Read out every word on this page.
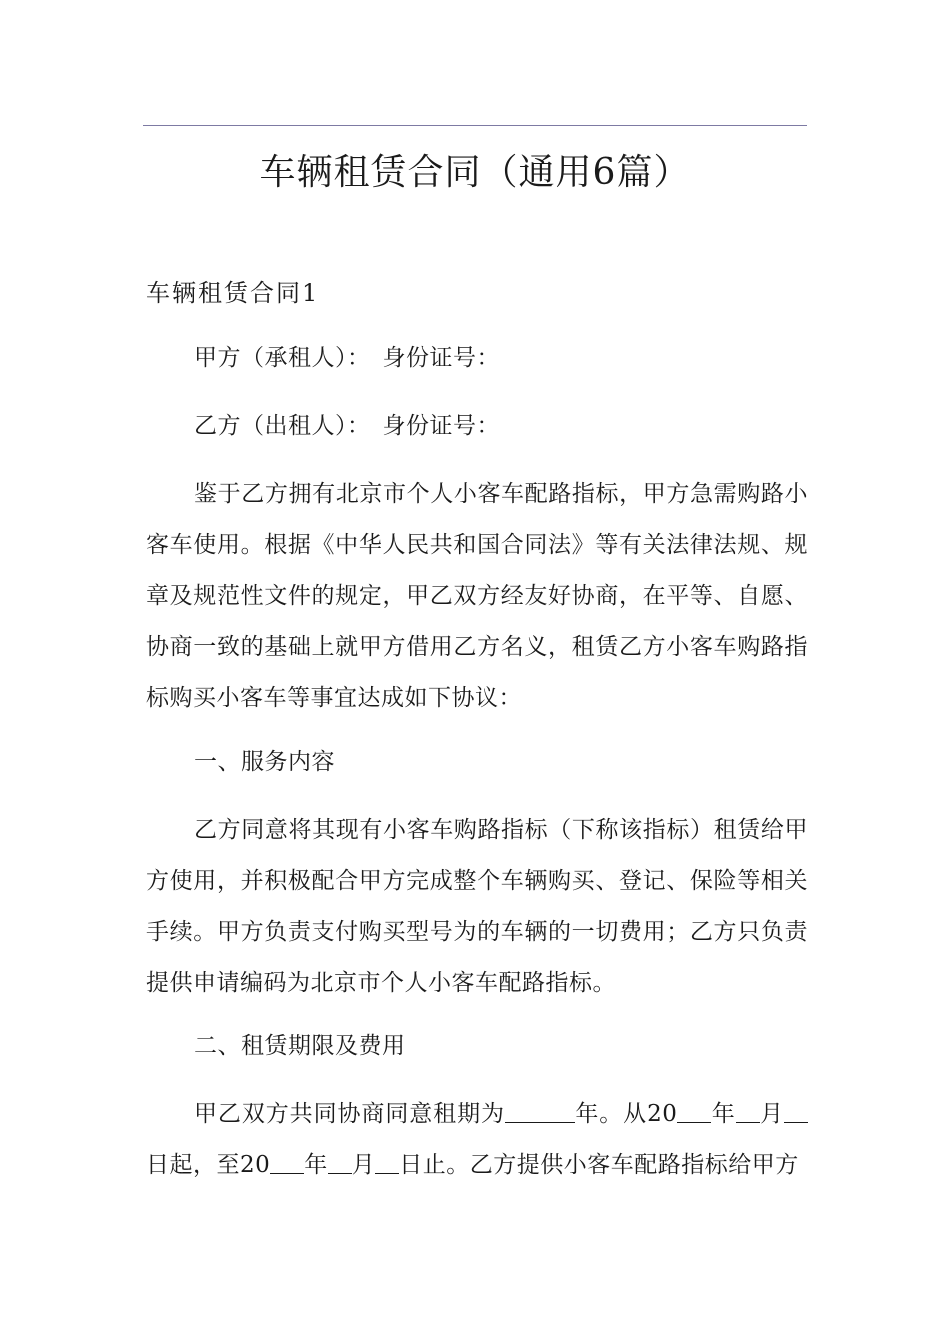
车辆租赁合同（通用6篇）
车辆租赁合同1

甲方（承租人）：　身份证号：

乙方（出租人）：　身份证号：

鉴于乙方拥有北京市个人小客车配路指标，甲方急需购路小客车使用。根据《中华人民共和国合同法》等有关法律法规、规章及规范性文件的规定，甲乙双方经友好协商，在平等、自愿、协商一致的基础上就甲方借用乙方名义，租赁乙方小客车购路指标购买小客车等事宜达成如下协议：

一、服务内容

乙方同意将其现有小客车购路指标（下称该指标）租赁给甲方使用，并积极配合甲方完成整个车辆购买、登记、保险等相关手续。甲方负责支付购买型号为的车辆的一切费用；乙方只负责提供申请编码为北京市个人小客车配路指标。

二、租赁期限及费用

甲乙双方共同协商同意租期为	年。从20 年 月日起，至20 年 月 日止。乙方提供小客车配路指标给甲方
